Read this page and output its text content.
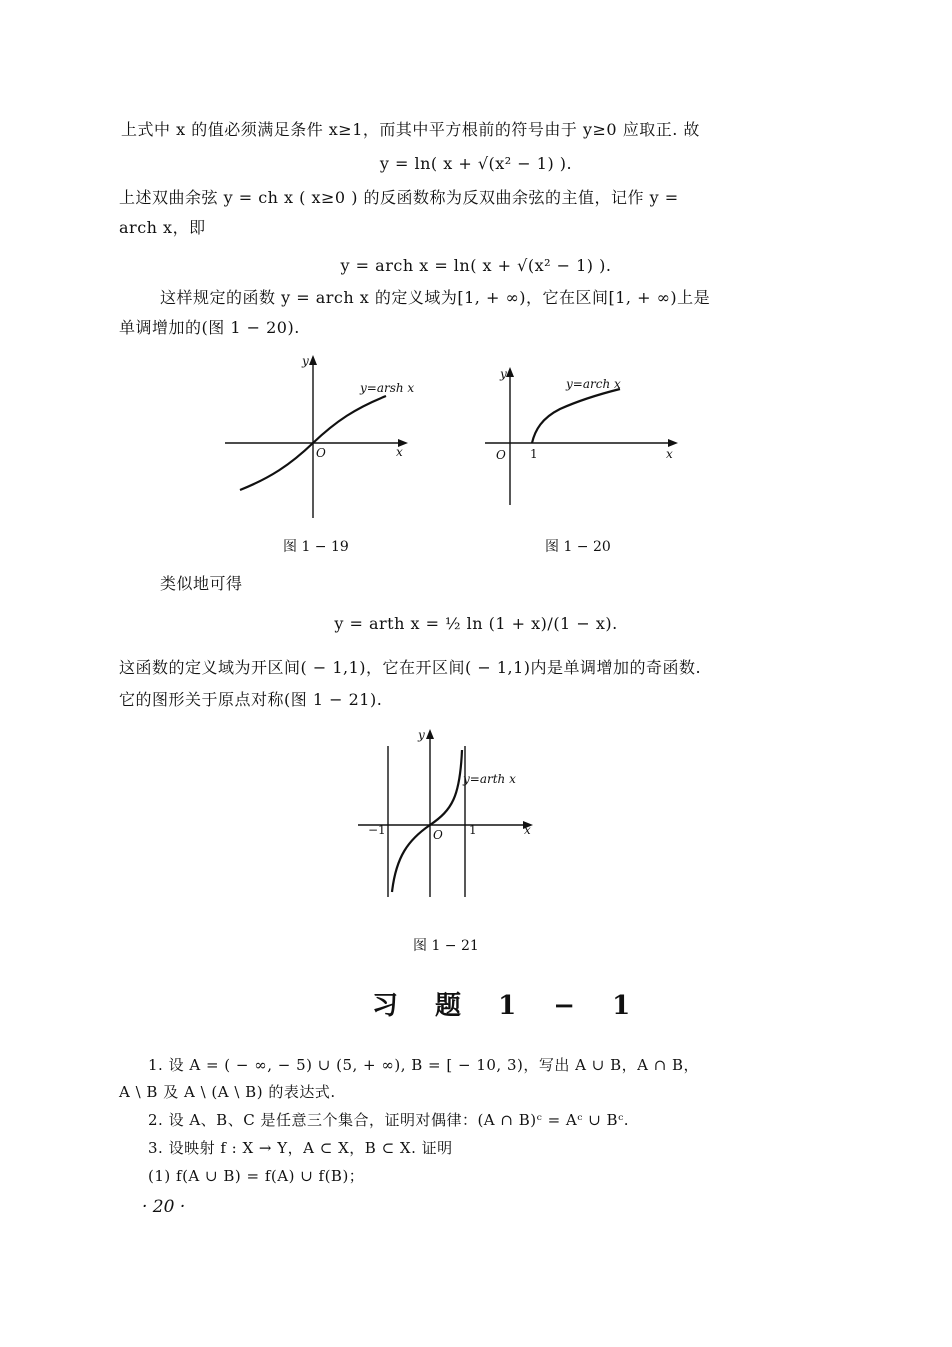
上式中 x 的值必须满足条件 x≥1，而其中平方根前的符号由于 y≥0 应取正. 故
y = ln( x + √(x² − 1) ).
上述双曲余弦 y = ch x ( x≥0 ) 的反函数称为反双曲余弦的主值，记作 y =
arch x，即
y = arch x = ln( x + √(x² − 1) ).
这样规定的函数 y = arch x 的定义域为[1, + ∞)，它在区间[1, + ∞)上是
单调增加的(图 1 − 20).
y
x
O
y=arsh x
图 1 − 19
y
x
O 1
y=arch x
图 1 − 20
类似地可得
y = arth x = ½ ln (1 + x)/(1 − x).
这函数的定义域为开区间( − 1,1)，它在开区间( − 1,1)内是单调增加的奇函数.
它的图形关于原点对称(图 1 − 21).
y
x
O 1
−1
y=arth x
图 1 − 21
习 题 1 − 1
1. 设 A = ( − ∞, − 5) ∪ (5, + ∞), B = [ − 10, 3)，写出 A ∪ B，A ∩ B，
A \ B 及 A \ (A \ B) 的表达式.
2. 设 A、B、C 是任意三个集合，证明对偶律：(A ∩ B)ᶜ = Aᶜ ∪ Bᶜ.
3. 设映射 f : X → Y，A ⊂ X，B ⊂ X. 证明
(1) f(A ∪ B) = f(A) ∪ f(B)；
· 20 ·
